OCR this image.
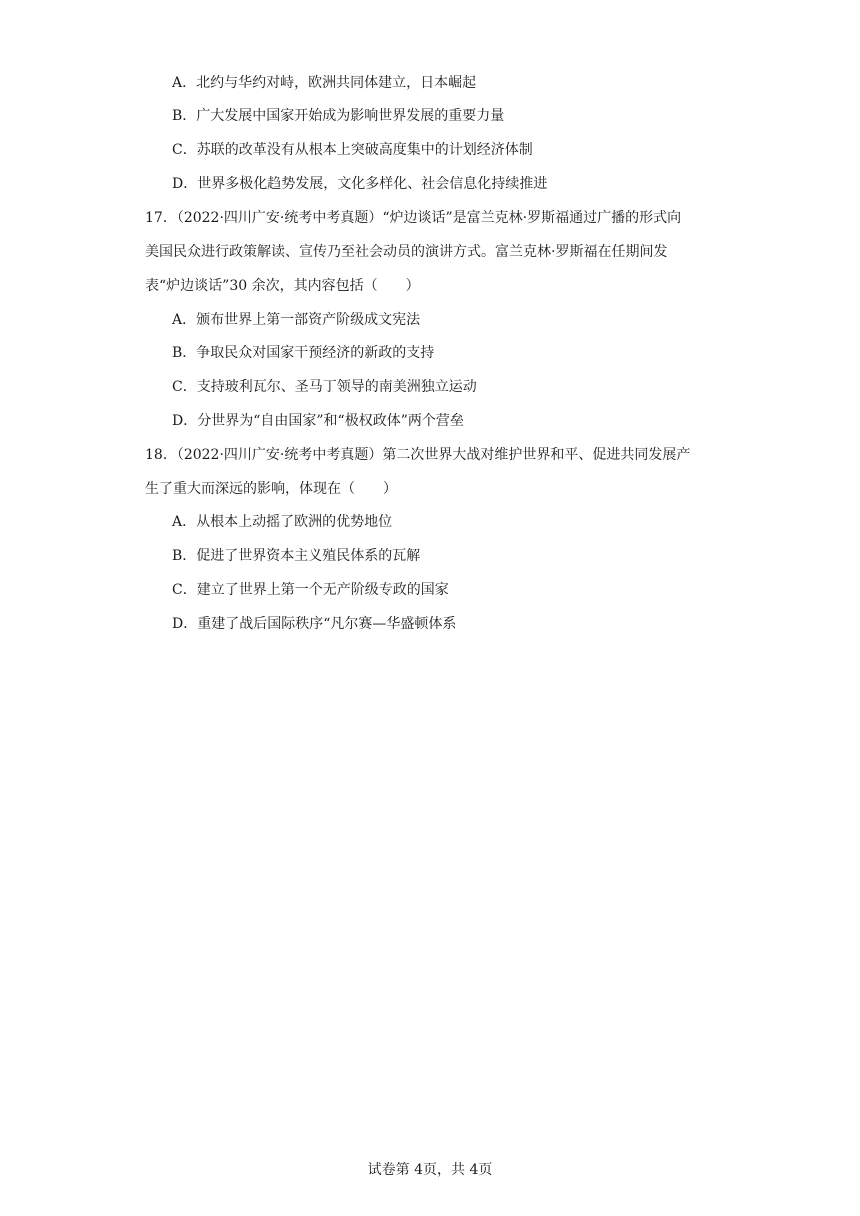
A．北约与华约对峙，欧洲共同体建立，日本崛起
B．广大发展中国家开始成为影响世界发展的重要力量
C．苏联的改革没有从根本上突破高度集中的计划经济体制
D．世界多极化趋势发展，文化多样化、社会信息化持续推进
17．（2022·四川广安·统考中考真题）“炉边谈话”是富兰克林·罗斯福通过广播的形式向
美国民众进行政策解读、宣传乃至社会动员的演讲方式。富兰克林·罗斯福在任期间发
表“炉边谈话”30 余次，其内容包括（　　）
A．颁布世界上第一部资产阶级成文宪法
B．争取民众对国家干预经济的新政的支持
C．支持玻利瓦尔、圣马丁领导的南美洲独立运动
D．分世界为“自由国家”和“极权政体”两个营垒
18．（2022·四川广安·统考中考真题）第二次世界大战对维护世界和平、促进共同发展产
生了重大而深远的影响，体现在（　　）
A．从根本上动摇了欧洲的优势地位
B．促进了世界资本主义殖民体系的瓦解
C．建立了世界上第一个无产阶级专政的国家
D．重建了战后国际秩序“凡尔赛—华盛顿体系
试卷第 4页，共 4页
